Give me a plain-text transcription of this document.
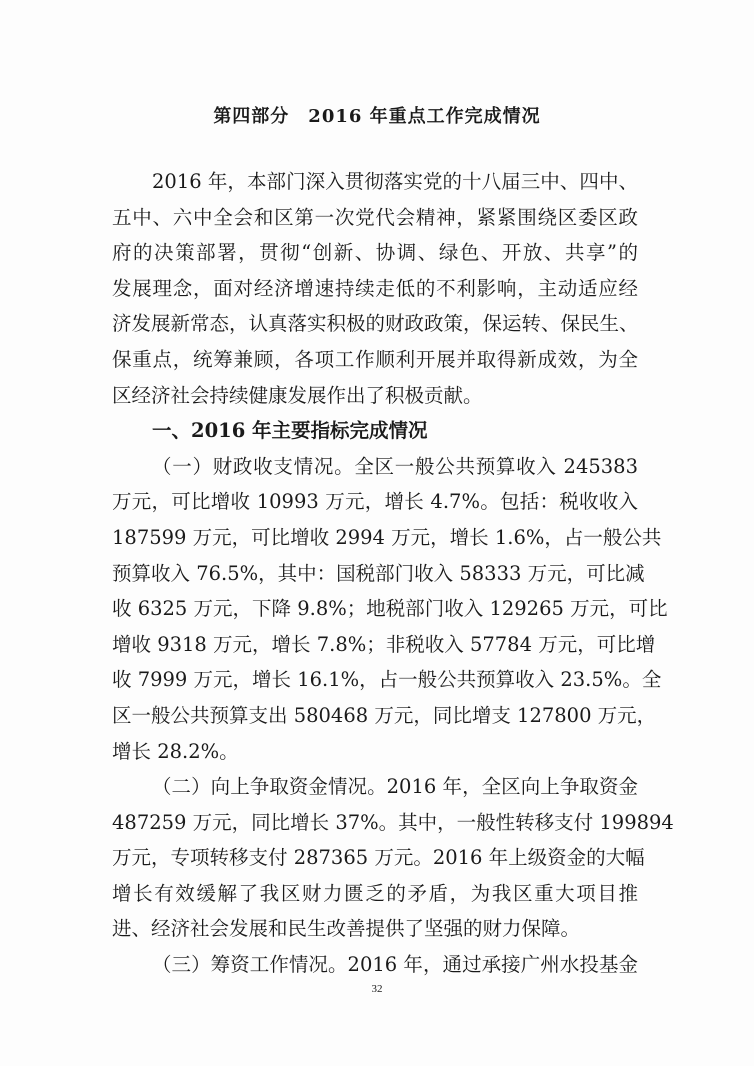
第四部分　2016 年重点工作完成情况
2016 年，本部门深入贯彻落实党的十八届三中、四中、
五中、六中全会和区第一次党代会精神，紧紧围绕区委区政
府的决策部署，贯彻“创新、协调、绿色、开放、共享”的
发展理念，面对经济增速持续走低的不利影响，主动适应经
济发展新常态，认真落实积极的财政政策，保运转、保民生、
保重点，统筹兼顾，各项工作顺利开展并取得新成效，为全
区经济社会持续健康发展作出了积极贡献。
一、2016 年主要指标完成情况
（一）财政收支情况。全区一般公共预算收入 245383
万元，可比增收 10993 万元，增长 4.7%。包括：税收收入
187599 万元，可比增收 2994 万元，增长 1.6%，占一般公共
预算收入 76.5%，其中：国税部门收入 58333 万元，可比减
收 6325 万元，下降 9.8%；地税部门收入 129265 万元，可比
增收 9318 万元，增长 7.8%；非税收入 57784 万元，可比增
收 7999 万元，增长 16.1%，占一般公共预算收入 23.5%。全
区一般公共预算支出 580468 万元，同比增支 127800 万元，
增长 28.2%。
（二）向上争取资金情况。2016 年，全区向上争取资金
487259 万元，同比增长 37%。其中，一般性转移支付 199894
万元，专项转移支付 287365 万元。2016 年上级资金的大幅
增长有效缓解了我区财力匮乏的矛盾，为我区重大项目推
进、经济社会发展和民生改善提供了坚强的财力保障。
（三）筹资工作情况。2016 年，通过承接广州水投基金
32
